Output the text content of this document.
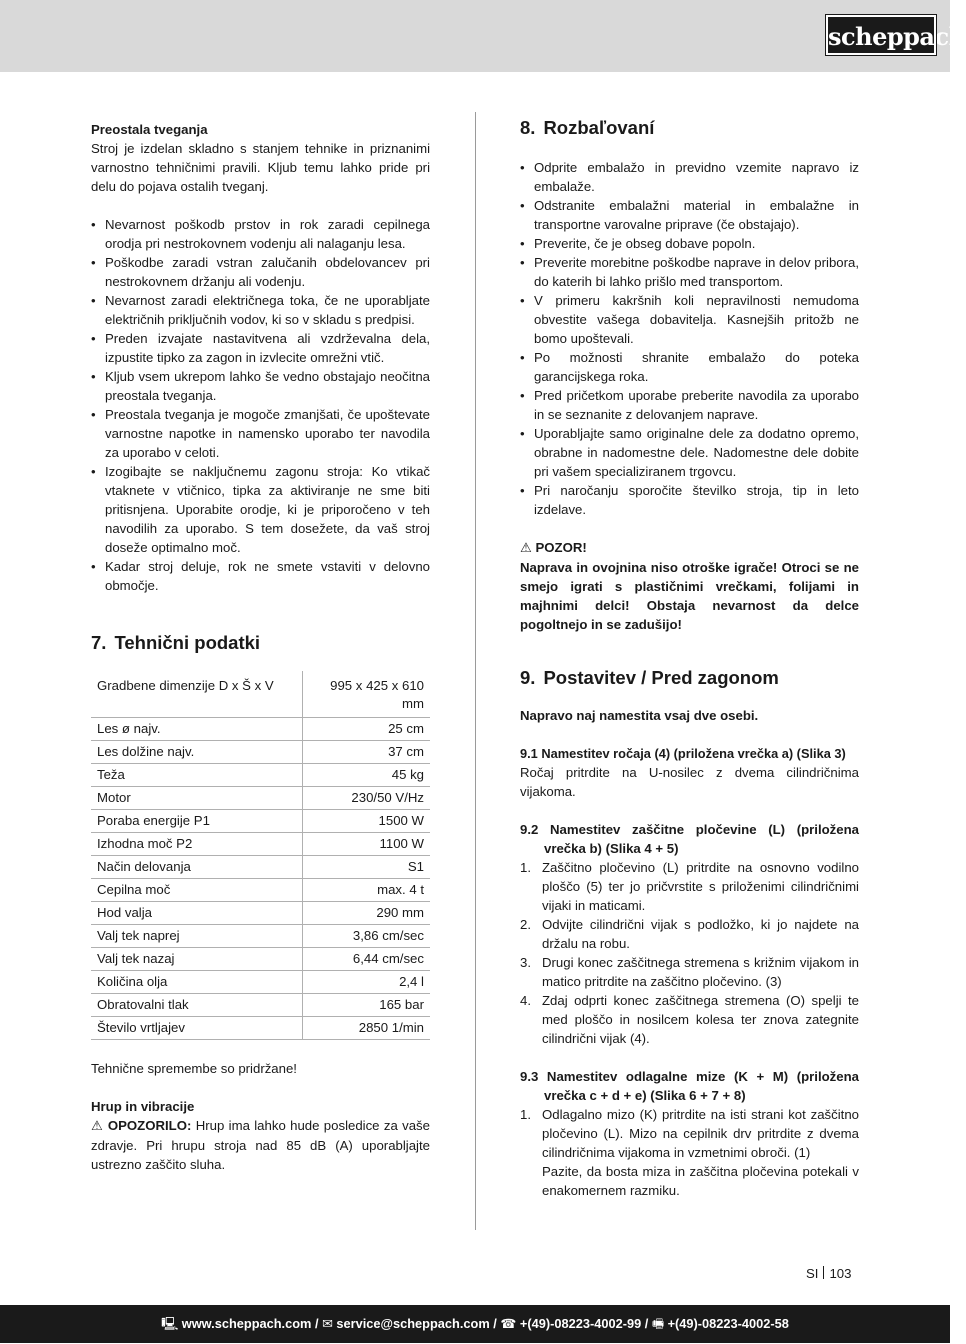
scheppach

Preostala tveganja

Stroj je izdelan skladno s stanjem tehnike in priznanimi varnostno tehničnimi pravili. Kljub temu lahko pride pri delu do pojava ostalih tveganj.

• Nevarnost poškodb prstov in rok zaradi cepilnega orodja pri nestrokovnem vodenju ali nalaganju lesa.
• Poškodbe zaradi vstran zalučanih obdelovancev pri nestrokovnem držanju ali vodenju.
• Nevarnost zaradi električnega toka, če ne uporabljate električnih priključnih vodov, ki so v skladu s predpisi.
• Preden izvajate nastavitvena ali vzdrževalna dela, izpustite tipko za zagon in izvlecite omrežni vtič.
• Kljub vsem ukrepom lahko še vedno obstajajo neočitna preostala tveganja.
• Preostala tveganja je mogoče zmanjšati, če upoštevate varnostne napotke in namensko uporabo ter navodila za uporabo v celoti.
• Izogibajte se naključnemu zagonu stroja: Ko vtikač vtaknete v vtičnico, tipka za aktiviranje ne sme biti pritisnjena. Uporabite orodje, ki je priporočeno v teh navodilih za uporabo. S tem dosežete, da vaš stroj doseže optimalno moč.
• Kadar stroj deluje, rok ne smete vstaviti v delovno območje.
7. Tehnični podatki
Gradbene dimenzije D x Š x V	995 x 425 x 610 mm
Les ø najv.	25 cm
Les dolžine najv.	37 cm
Teža	45 kg
Motor	230/50 V/Hz
Poraba energije P1	1500 W
Izhodna moč P2	1100 W
Način delovanja	S1
Cepilna moč	max. 4 t
Hod valja	290 mm
Valj tek naprej	3,86 cm/sec
Valj tek nazaj	6,44 cm/sec
Količina olja	2,4 l
Obratovalni tlak	165 bar
Število vrtljajev	2850 1/min

Tehnične spremembe so pridržane!

Hrup in vibracije

⚠ OPOZORILO: Hrup ima lahko hude posledice za vaše zdravje. Pri hrupu stroja nad 85 dB (A) uporabljajte ustrezno zaščito sluha.

8. Rozbaľovaní
• Odprite embalažo in previdno vzemite napravo iz embalaže.
• Odstranite embalažni material in embalažne in transportne varovalne priprave (če obstajajo).
• Preverite, če je obseg dobave popoln.
• Preverite morebitne poškodbe naprave in delov pribora, do katerih bi lahko prišlo med transportom.
• V primeru kakršnih koli nepravilnosti nemudoma obvestite vašega dobavitelja. Kasnejših pritožb ne bomo upoštevali.
• Po možnosti shranite embalažo do poteka garancijskega roka.
• Pred pričetkom uporabe preberite navodila za uporabo in se seznanite z delovanjem naprave.
• Uporabljajte samo originalne dele za dodatno opremo, obrabne in nadomestne dele. Nadomestne dele dobite pri vašem specializiranem trgovcu.
• Pri naročanju sporočite številko stroja, tip in leto izdelave.

⚠ POZOR!

Naprava in ovojnina niso otroške igrače! Otroci se ne smejo igrati s plastičnimi vrečkami, folijami in majhnimi delci! Obstaja nevarnost da delce pogoltnejo in se zadušijo!

9. Postavitev / Pred zagonom

Napravo naj namestita vsaj dve osebi.

9.1 Namestitev ročaja (4) (priložena vrečka a) (Slika 3)

Ročaj pritrdite na U-nosilec z dvema cilindričnima vijakoma.

9.2 Namestitev zaščitne pločevine (L) (priložena vrečka b) (Slika 4 + 5)

1. Zaščitno pločevino (L) pritrdite na osnovno vodilno ploščo (5) ter jo pričvrstite s priloženimi cilindričnimi vijaki in maticami.
2. Odvijte cilindrični vijak s podložko, ki jo najdete na držalu na robu.
3. Drugi konec zaščitnega stremena s križnim vijakom in matico pritrdite na zaščitno pločevino. (3)
4. Zdaj odprti konec zaščitnega stremena (O) spelji te med ploščo in nosilcem kolesa ter znova zategnite cilindrični vijak (4).

9.3 Namestitev odlagalne mize (K + M) (priložena vrečka c + d + e) (Slika 6 + 7 + 8)

1. Odlagalno mizo (K) pritrdite na isti strani kot zaščitno pločevino (L). Mizo na cepilnik drv pritrdite z dvema cilindričnima vijakoma in vzmetnimi obroči. (1)

Pazite, da bosta miza in zaščitna pločevina potekali v enakomernem razmiku.

SI 103
🖳 www.scheppach.com / ✉ service@scheppach.com / ☎ +(49)-08223-4002-99 / 🖷 +(49)-08223-4002-58
